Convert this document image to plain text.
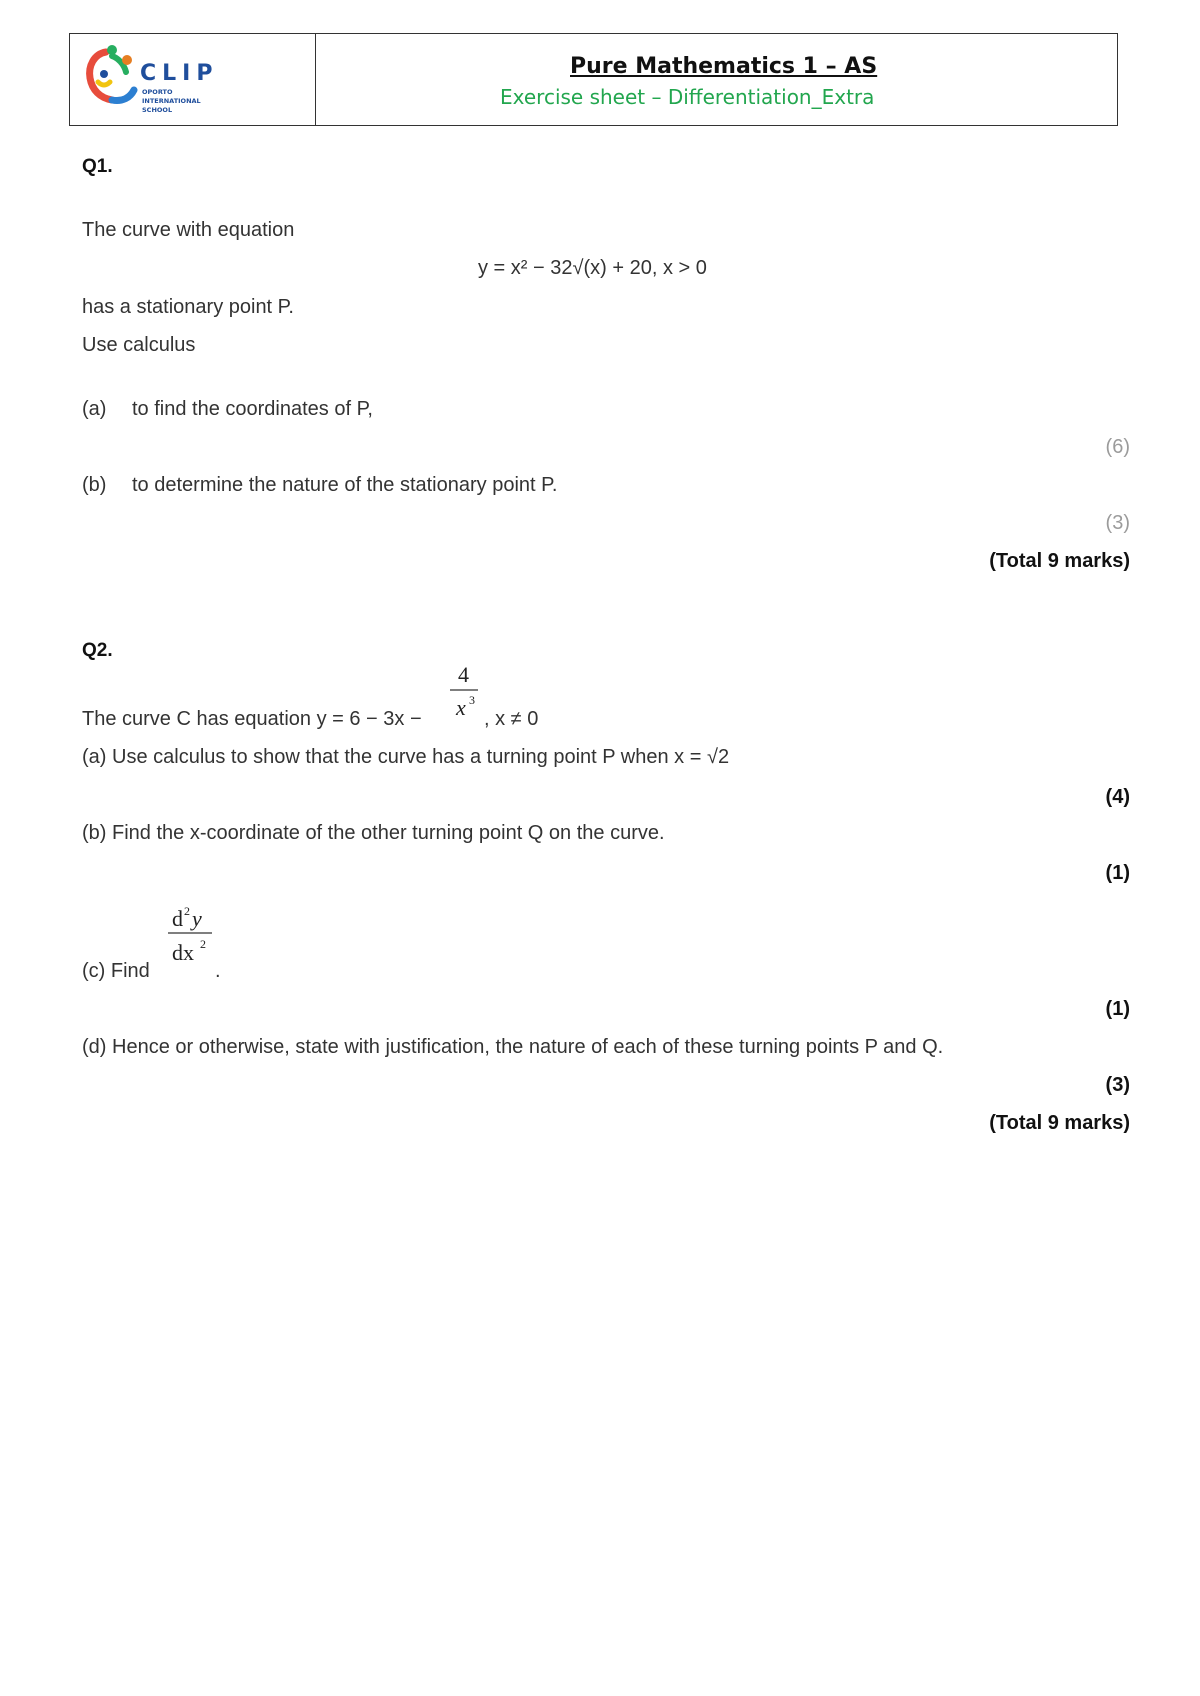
CLIP
OPORTO
INTERNATIONAL
SCHOOL
Pure Mathematics 1 – AS
Exercise sheet – Differentiation_Extra
Q1.
The curve with equation
y = x² − 32√(x) + 20, x > 0
has a stationary point P.
Use calculus
(a) to find the coordinates of P,
(6)
(b) to determine the nature of the stationary point P.
(3)
(Total 9 marks)
Q2.
The curve C has equation y = 6 − 3x −
4
x 3
, x ≠ 0
(a) Use calculus to show that the curve has a turning point P when x = √2
(4)
(b) Find the x-coordinate of the other turning point Q on the curve.
(1)
(c) Find
d 2 y
dx 2
.
(1)
(d) Hence or otherwise, state with justification, the nature of each of these turning points P and Q.
(3)
(Total 9 marks)
